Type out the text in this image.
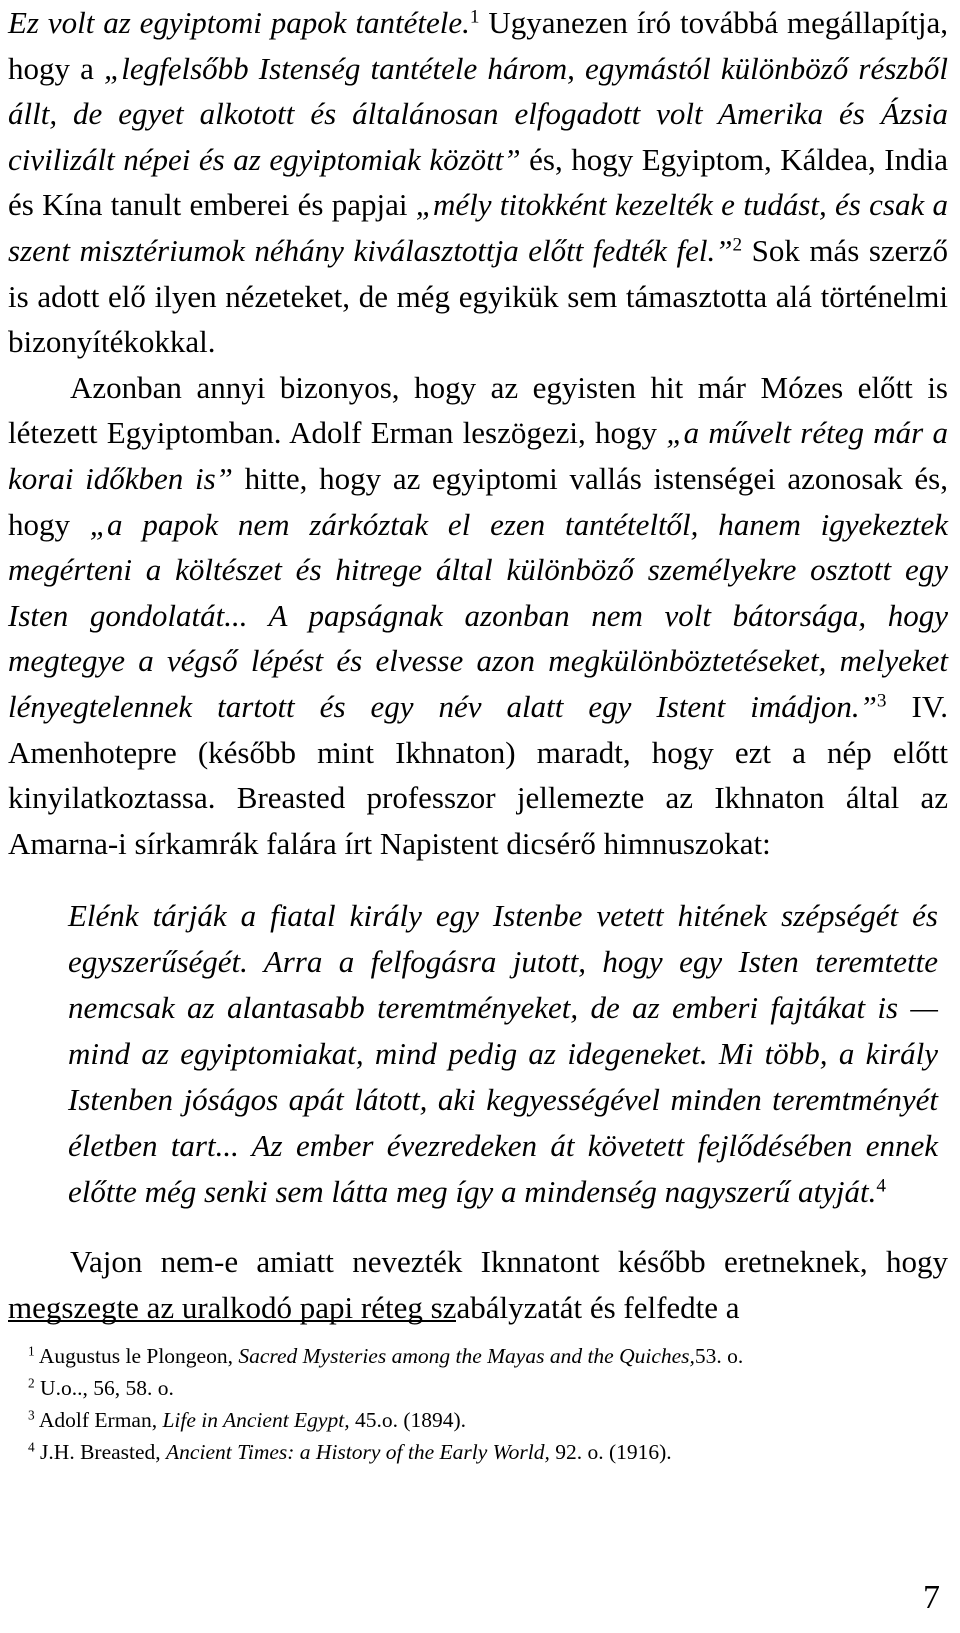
Ez volt az egyiptomi papok tantétele.$^1$ Ugyanezen író továbbá megállapítja, hogy a „legfelsőbb Istenség tantétele három, egymástól különböző részből állt, de egyet alkotott és általánosan elfogadott volt Amerika és Ázsia civilizált népei és az egyiptomiak között” és, hogy Egyiptom, Káldea, India és Kína tanult emberei és papjai „mély titokként kezelték e tudást, és csak a szent misztériumok néhány kiválasztottja előtt fedték fel.”$^2$ Sok más szerző is adott elő ilyen nézeteket, de még egyikük sem támasztotta alá történelmi bizonyítékokkal.

Azonban annyi bizonyos, hogy az egyisten hit már Mózes előtt is létezett Egyiptomban. Adolf Erman leszögezi, hogy „a művelt réteg már a korai időkben is” hitte, hogy az egyiptomi vallás istenségei azonosak és, hogy „a papok nem zárkóztak el ezen tantételtől, hanem igyekeztek megérteni a költészet és hitrege által különböző személyekre osztott egy Isten gondolatát... A papságnak azonban nem volt bátorsága, hogy megtegye a végső lépést és elvesse azon megkülönböztetéseket, melyeket lényegtelennek tartott és egy név alatt egy Istent imádjon.”$^3$ IV. Amenhotepre (később mint Ikhnaton) maradt, hogy ezt a nép előtt kinyilatkoztassa. Breasted professzor jellemezte az Ikhnaton által az Amarna-i sírkamrák falára írt Napistent dicsérő himnuszokat:

Elénk tárják a fiatal király egy Istenbe vetett hitének szépségét és egyszerűségét. Arra a felfogásra jutott, hogy egy Isten teremtette nemcsak az alantasabb teremtményeket, de az emberi fajtákat is — mind az egyiptomiakat, mind pedig az idegeneket. Mi több, a király Istenben jóságos apát látott, aki kegyességével minden teremtményét életben tart... Az ember évezredeken át követett fejlődésében ennek előtte még senki sem látta meg így a mindenség nagyszerű atyját.$^4$

Vajon nem-e amiatt nevezték Iknnatont később eretneknek, hogy megszegte az uralkodó papi réteg szabályzatát és felfedte a

$^1$ Augustus le Plongeon, Sacred Mysteries among the Mayas and the Quiches,53. o.

$^2$ U.o.., 56, 58. o.

$^3$ Adolf Erman, Life in Ancient Egypt, 45.o. (1894).

$^4$ J.H. Breasted, Ancient Times: a History of the Early World, 92. o. (1916).

7
